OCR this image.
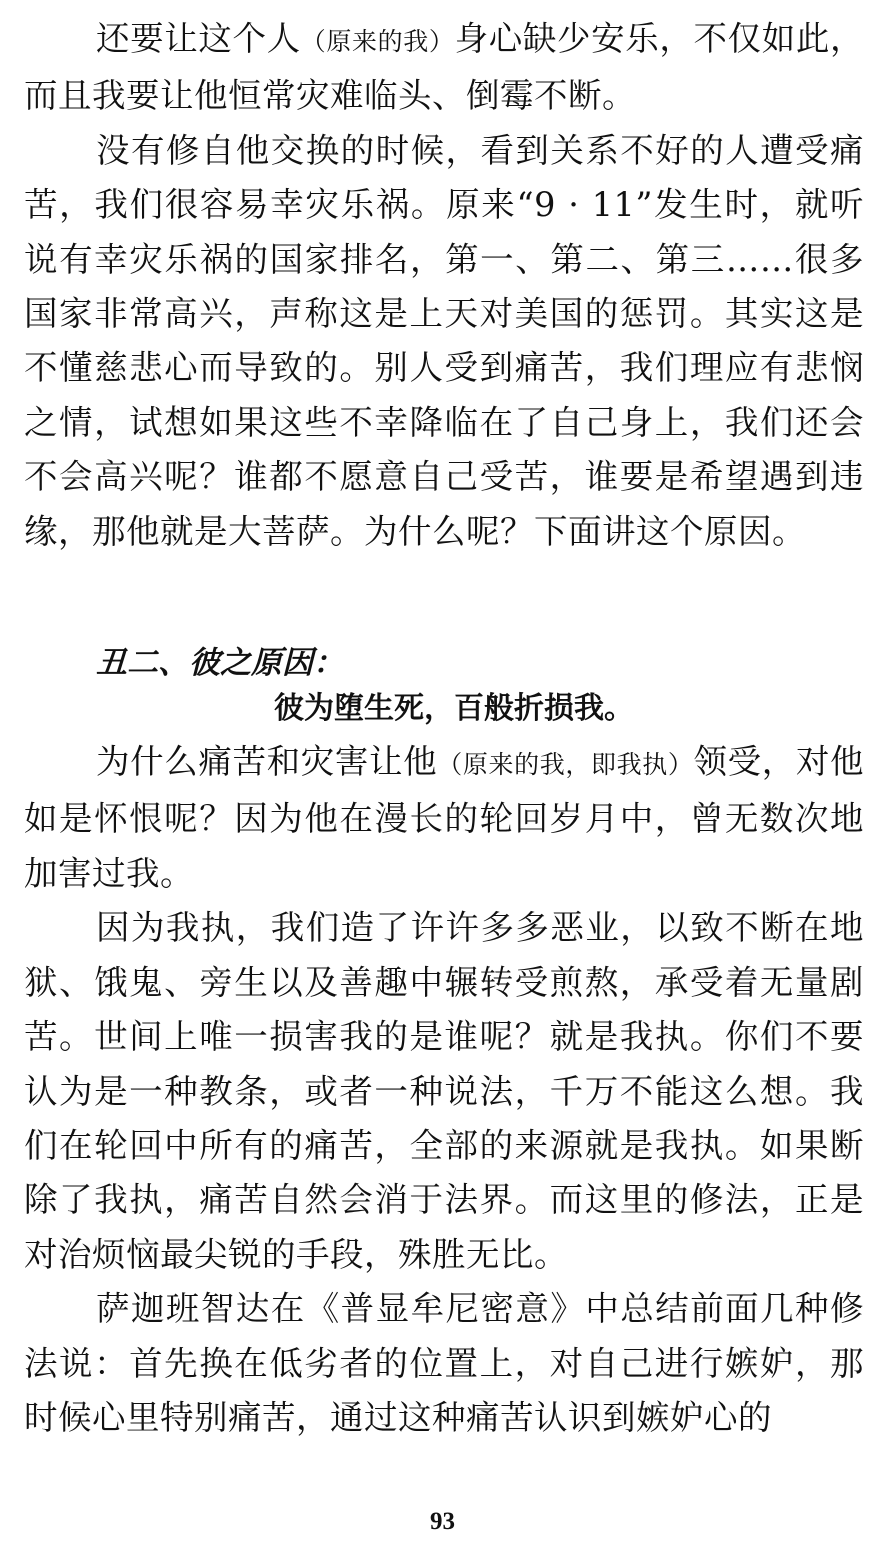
还要让这个人（原来的我）身心缺少安乐，不仅如此，而且我要让他恒常灾难临头、倒霉不断。

没有修自他交换的时候，看到关系不好的人遭受痛苦，我们很容易幸灾乐祸。原来“9 · 11”发生时，就听说有幸灾乐祸的国家排名，第一、第二、第三……很多国家非常高兴，声称这是上天对美国的惩罚。其实这是不懂慈悲心而导致的。别人受到痛苦，我们理应有悲悯之情，试想如果这些不幸降临在了自己身上，我们还会不会高兴呢？谁都不愿意自己受苦，谁要是希望遇到违缘，那他就是大菩萨。为什么呢？下面讲这个原因。

丑二、彼之原因：

彼为堕生死，百般折损我。

为什么痛苦和灾害让他（原来的我，即我执）领受，对他如是怀恨呢？因为他在漫长的轮回岁月中，曾无数次地加害过我。

因为我执，我们造了许许多多恶业，以致不断在地狱、饿鬼、旁生以及善趣中辗转受煎熬，承受着无量剧苦。世间上唯一损害我的是谁呢？就是我执。你们不要认为是一种教条，或者一种说法，千万不能这么想。我们在轮回中所有的痛苦，全部的来源就是我执。如果断除了我执，痛苦自然会消于法界。而这里的修法，正是对治烦恼最尖锐的手段，殊胜无比。

萨迦班智达在《普显牟尼密意》中总结前面几种修法说：首先换在低劣者的位置上，对自己进行嫉妒，那时候心里特别痛苦，通过这种痛苦认识到嫉妒心的

93
